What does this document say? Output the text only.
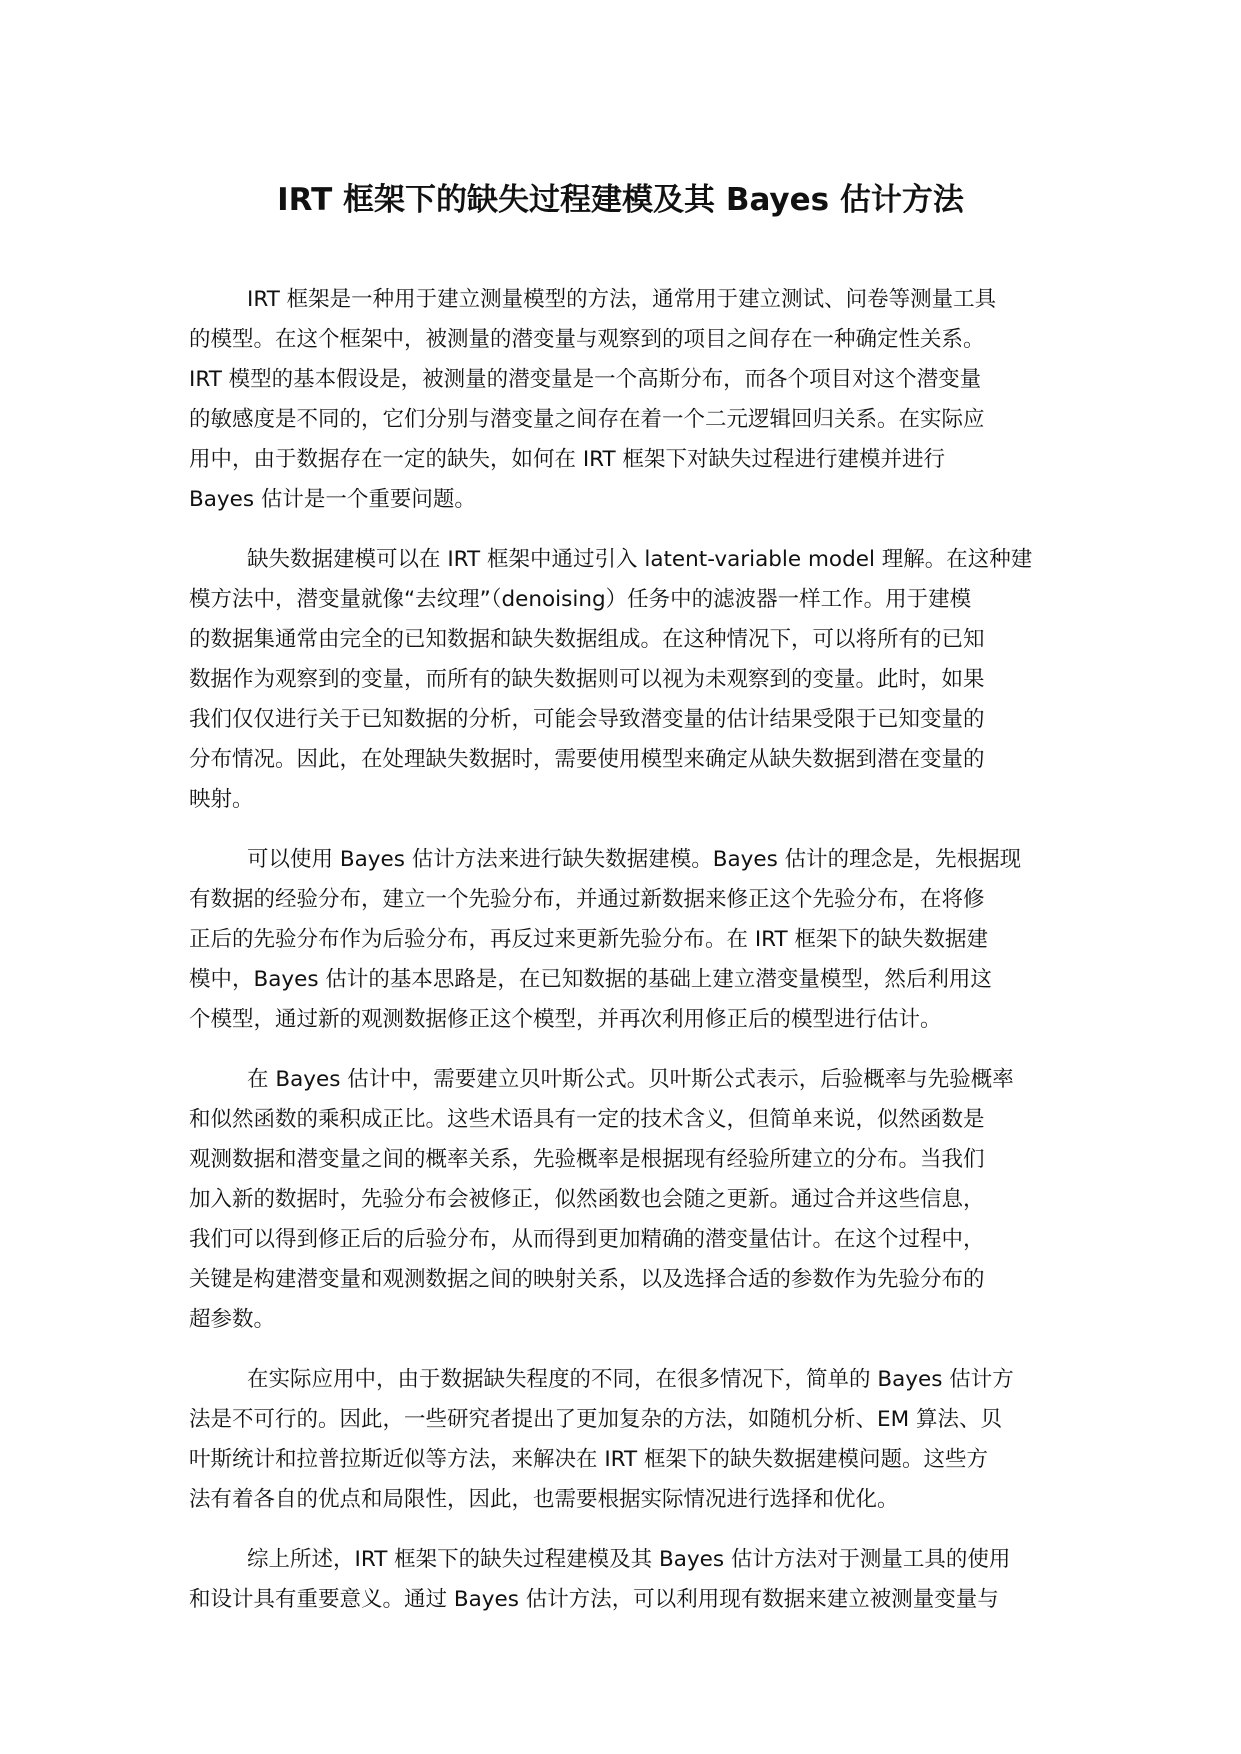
IRT 框架下的缺失过程建模及其 Bayes 估计方法

IRT 框架是一种用于建立测量模型的方法，通常用于建立测试、问卷等测量工具
的模型。在这个框架中，被测量的潜变量与观察到的项目之间存在一种确定性关系。
IRT 模型的基本假设是，被测量的潜变量是一个高斯分布，而各个项目对这个潜变量
的敏感度是不同的，它们分别与潜变量之间存在着一个二元逻辑回归关系。在实际应
用中，由于数据存在一定的缺失，如何在 IRT 框架下对缺失过程进行建模并进行
Bayes 估计是一个重要问题。

缺失数据建模可以在 IRT 框架中通过引入 latent-variable model 理解。在这种建
模方法中，潜变量就像“去纹理”（denoising）任务中的滤波器一样工作。用于建模
的数据集通常由完全的已知数据和缺失数据组成。在这种情况下，可以将所有的已知
数据作为观察到的变量，而所有的缺失数据则可以视为未观察到的变量。此时，如果
我们仅仅进行关于已知数据的分析，可能会导致潜变量的估计结果受限于已知变量的
分布情况。因此，在处理缺失数据时，需要使用模型来确定从缺失数据到潜在变量的
映射。

可以使用 Bayes 估计方法来进行缺失数据建模。Bayes 估计的理念是，先根据现
有数据的经验分布，建立一个先验分布，并通过新数据来修正这个先验分布，在将修
正后的先验分布作为后验分布，再反过来更新先验分布。在 IRT 框架下的缺失数据建
模中，Bayes 估计的基本思路是，在已知数据的基础上建立潜变量模型，然后利用这
个模型，通过新的观测数据修正这个模型，并再次利用修正后的模型进行估计。

在 Bayes 估计中，需要建立贝叶斯公式。贝叶斯公式表示，后验概率与先验概率
和似然函数的乘积成正比。这些术语具有一定的技术含义，但简单来说，似然函数是
观测数据和潜变量之间的概率关系，先验概率是根据现有经验所建立的分布。当我们
加入新的数据时，先验分布会被修正，似然函数也会随之更新。通过合并这些信息，
我们可以得到修正后的后验分布，从而得到更加精确的潜变量估计。在这个过程中，
关键是构建潜变量和观测数据之间的映射关系，以及选择合适的参数作为先验分布的
超参数。

在实际应用中，由于数据缺失程度的不同，在很多情况下，简单的 Bayes 估计方
法是不可行的。因此，一些研究者提出了更加复杂的方法，如随机分析、EM 算法、贝
叶斯统计和拉普拉斯近似等方法，来解决在 IRT 框架下的缺失数据建模问题。这些方
法有着各自的优点和局限性，因此，也需要根据实际情况进行选择和优化。

综上所述，IRT 框架下的缺失过程建模及其 Bayes 估计方法对于测量工具的使用
和设计具有重要意义。通过 Bayes 估计方法，可以利用现有数据来建立被测量变量与
